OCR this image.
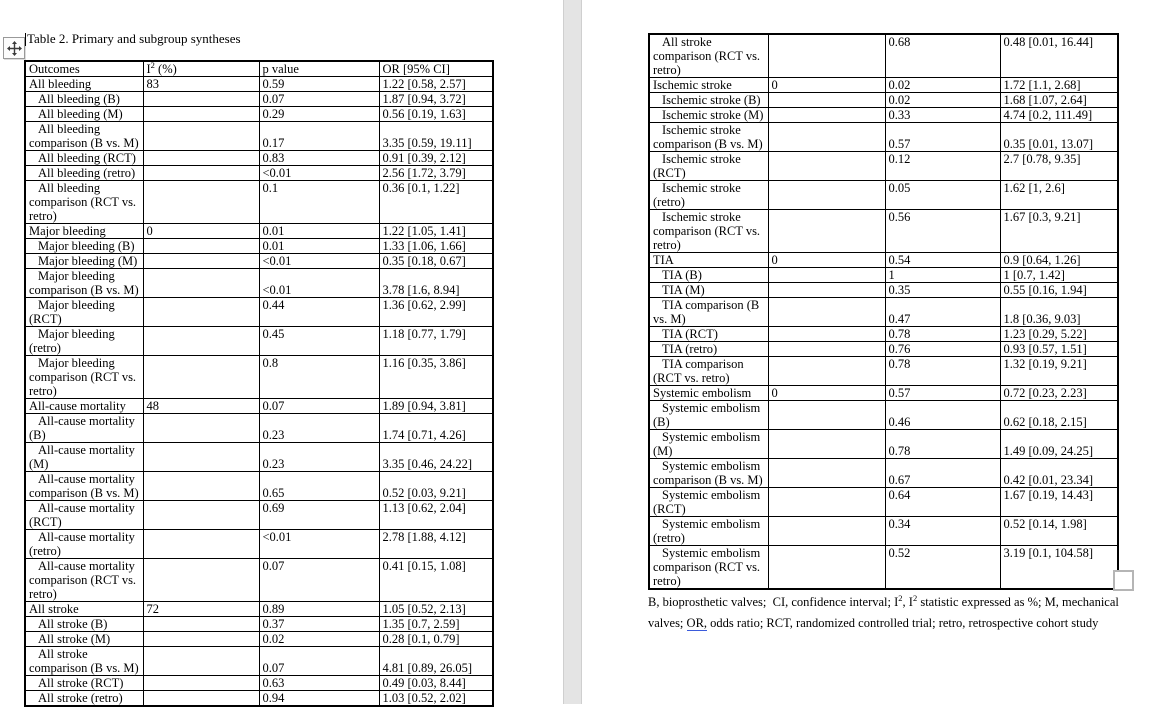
Table 2. Primary and subgroup syntheses
Outcomes	$I^2$ (%)	p value	OR [95% CI]
All bleeding	83	0.59	1.22 [0.58, 2.57]
All bleeding (B)		0.07	1.87 [0.94, 3.72]
All bleeding (M)		0.29	0.56 [0.19, 1.63]
All bleeding comparison (B vs. M)		0.17	3.35 [0.59, 19.11]
All bleeding (RCT)		0.83	0.91 [0.39, 2.12]
All bleeding (retro)		<0.01	2.56 [1.72, 3.79]
All bleeding comparison (RCT vs. retro)		0.1	0.36 [0.1, 1.22]
Major bleeding	0	0.01	1.22 [1.05, 1.41]
Major bleeding (B)		0.01	1.33 [1.06, 1.66]
Major bleeding (M)		<0.01	0.35 [0.18, 0.67]
Major bleeding comparison (B vs. M)		<0.01	3.78 [1.6, 8.94]
Major bleeding (RCT)		0.44	1.36 [0.62, 2.99]
Major bleeding (retro)		0.45	1.18 [0.77, 1.79]
Major bleeding comparison (RCT vs. retro)		0.8	1.16 [0.35, 3.86]
All-cause mortality	48	0.07	1.89 [0.94, 3.81]
All-cause mortality (B)		0.23	1.74 [0.71, 4.26]
All-cause mortality (M)		0.23	3.35 [0.46, 24.22]
All-cause mortality comparison (B vs. M)		0.65	0.52 [0.03, 9.21]
All-cause mortality (RCT)		0.69	1.13 [0.62, 2.04]
All-cause mortality (retro)		<0.01	2.78 [1.88, 4.12]
All-cause mortality comparison (RCT vs. retro)		0.07	0.41 [0.15, 1.08]
All stroke	72	0.89	1.05 [0.52, 2.13]
All stroke (B)		0.37	1.35 [0.7, 2.59]
All stroke (M)		0.02	0.28 [0.1, 0.79]
All stroke comparison (B vs. M)		0.07	4.81 [0.89, 26.05]
All stroke (RCT)		0.63	0.49 [0.03, 8.44]
All stroke (retro)		0.94	1.03 [0.52, 2.02]
All stroke comparison (RCT vs. retro)		0.68	0.48 [0.01, 16.44]
Ischemic stroke	0	0.02	1.72 [1.1, 2.68]
Ischemic stroke (B)		0.02	1.68 [1.07, 2.64]
Ischemic stroke (M)		0.33	4.74 [0.2, 111.49]
Ischemic stroke comparison (B vs. M)		0.57	0.35 [0.01, 13.07]
Ischemic stroke (RCT)		0.12	2.7 [0.78, 9.35]
Ischemic stroke (retro)		0.05	1.62 [1, 2.6]
Ischemic stroke comparison (RCT vs. retro)		0.56	1.67 [0.3, 9.21]
TIA	0	0.54	0.9 [0.64, 1.26]
TIA (B)		1	1 [0.7, 1.42]
TIA (M)		0.35	0.55 [0.16, 1.94]
TIA comparison (B vs. M)		0.47	1.8 [0.36, 9.03]
TIA (RCT)		0.78	1.23 [0.29, 5.22]
TIA (retro)		0.76	0.93 [0.57, 1.51]
TIA comparison (RCT vs. retro)		0.78	1.32 [0.19, 9.21]
Systemic embolism	0	0.57	0.72 [0.23, 2.23]
Systemic embolism (B)		0.46	0.62 [0.18, 2.15]
Systemic embolism (M)		0.78	1.49 [0.09, 24.25]
Systemic embolism comparison (B vs. M)		0.67	0.42 [0.01, 23.34]
Systemic embolism (RCT)		0.64	1.67 [0.19, 14.43]
Systemic embolism (retro)		0.34	0.52 [0.14, 1.98]
Systemic embolism comparison (RCT vs. retro)		0.52	3.19 [0.1, 104.58]
B, bioprosthetic valves;  CI, confidence interval; $I^2$, $I^2$ statistic expressed as %; M, mechanical valves; OR, odds ratio; RCT, randomized controlled trial; retro, retrospective cohort study
